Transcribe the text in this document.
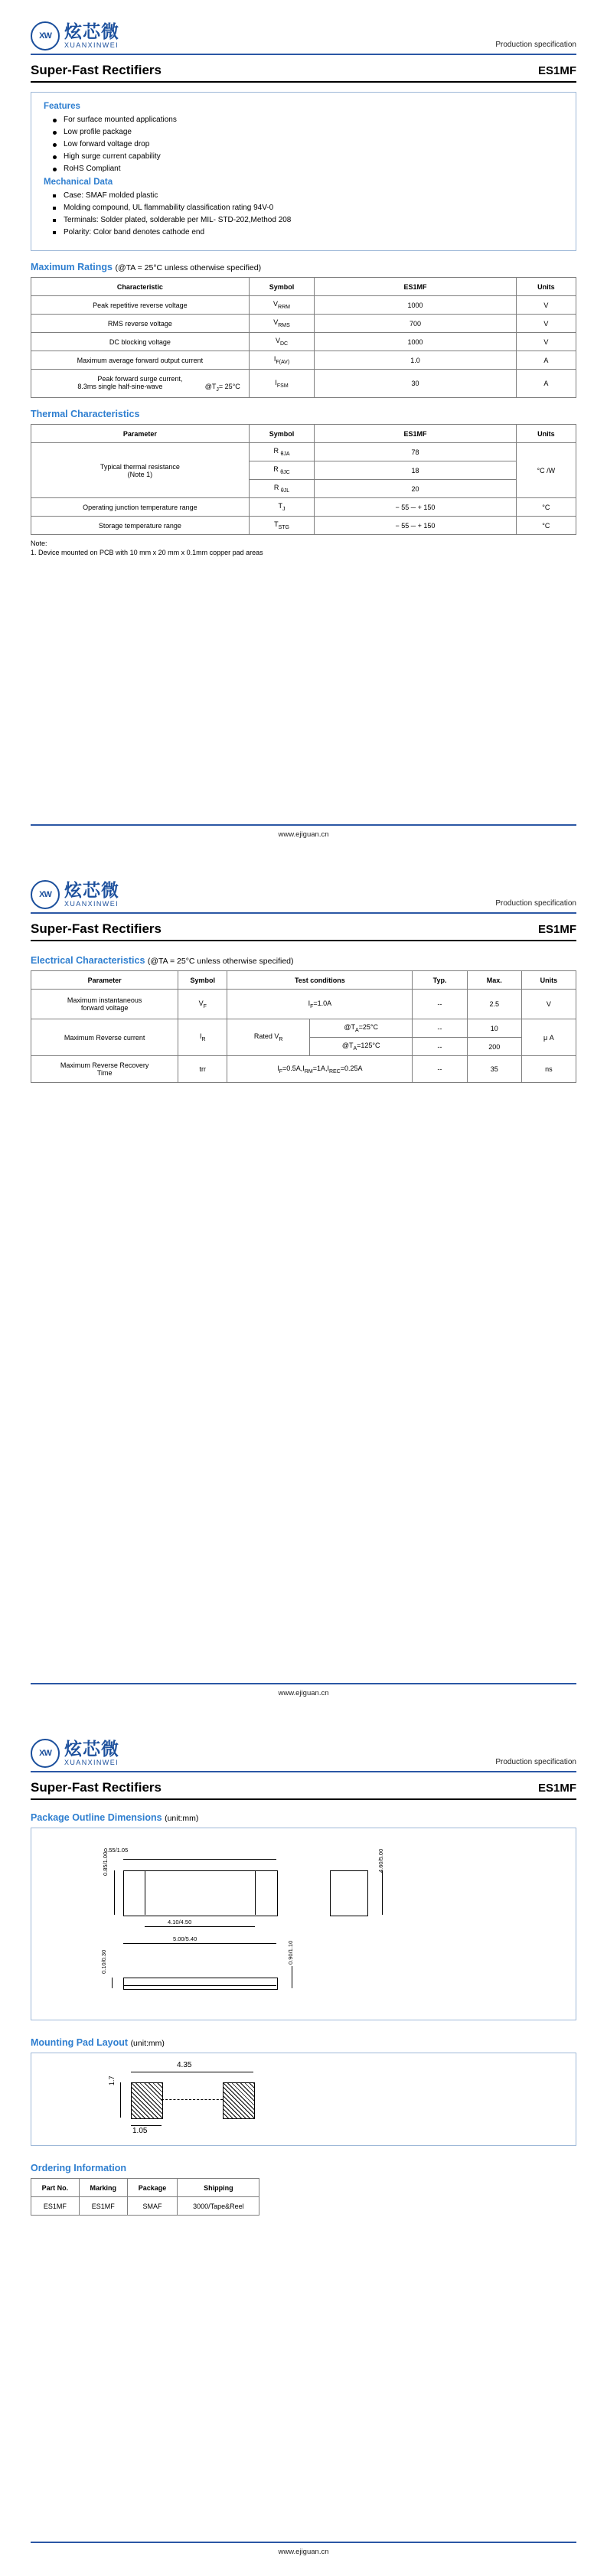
XW 炫芯微
XUANXINWEI	Production specification
Super-Fast Rectifiers	ES1MF
Features
For surface mounted applications
Low profile package
Low forward voltage drop
High surge current capability
RoHS Compliant
Mechanical Data
Case: SMAF molded plastic
Molding compound, UL flammability classification rating 94V-0
Terminals: Solder plated, solderable per MIL- STD-202,Method 208
Polarity: Color band denotes cathode end
Maximum Ratings (@TA = 25°C unless otherwise specified)
Characteristic	Symbol	ES1MF	Units
Peak repetitive reverse voltage	$V_{RRM}$	1000	V
RMS reverse voltage	$V_{RMS}$	700	V
DC blocking voltage	$V_{DC}$	1000	V
Maximum average forward output current	$I_{F(AV)}$	1.0	A
Peak forward surge current,
8.3ms single half-sine-wave $@T_J= 25^\circ C$	$I_{FSM}$	30	A
Thermal Characteristics
Parameter	Symbol	ES1MF	Units
Typical thermal resistance
(Note 1)	R $_{\theta JA}$	78	°C /W
	R $_{\theta JC}$	18	
	R $_{\theta JL}$	20	
Operating junction temperature range	$T_J$	− 55 ─ + 150	°C
Storage temperature range	$T_{STG}$	− 55 ─ + 150	°C
Note:
1. Device mounted on PCB with 10 mm x 20 mm x 0.1mm copper pad areas
www.ejiguan.cn
XW 炫芯微
XUANXINWEI	Production specification
Super-Fast Rectifiers	ES1MF
Electrical Characteristics (@TA = 25°C unless otherwise specified)
Parameter	Symbol	Test conditions		Typ.	Max.	Units
Maximum instantaneous
forward voltage	$V_F$	$I_F=1.0A$		--	2.5	V
Maximum Reverse current	$I_R$	Rated $V_R$	$@T_A=25^\circ C$	--	10	μ A
			$@T_A=125^\circ C$	--	200	
Maximum Reverse Recovery
Time	trr	$I_F=0.5A,I_{RM}=1A,I_{REC}=0.25A$		--	35	ns
www.ejiguan.cn
XW 炫芯微
XUANXINWEI	Production specification
Super-Fast Rectifiers	ES1MF
Package Outline Dimensions (unit:mm)
0.55/1.05
4.10/4.50
5.00/5.40
0.85/1.00	4.60/5.00
0.10/0.30	0.90/1.10
Mounting Pad Layout (unit:mm)
4.35
1.7
1.05
Ordering Information
Part No.	Marking	Package	Shipping
ES1MF	ES1MF	SMAF	3000/Tape&Reel
www.ejiguan.cn
